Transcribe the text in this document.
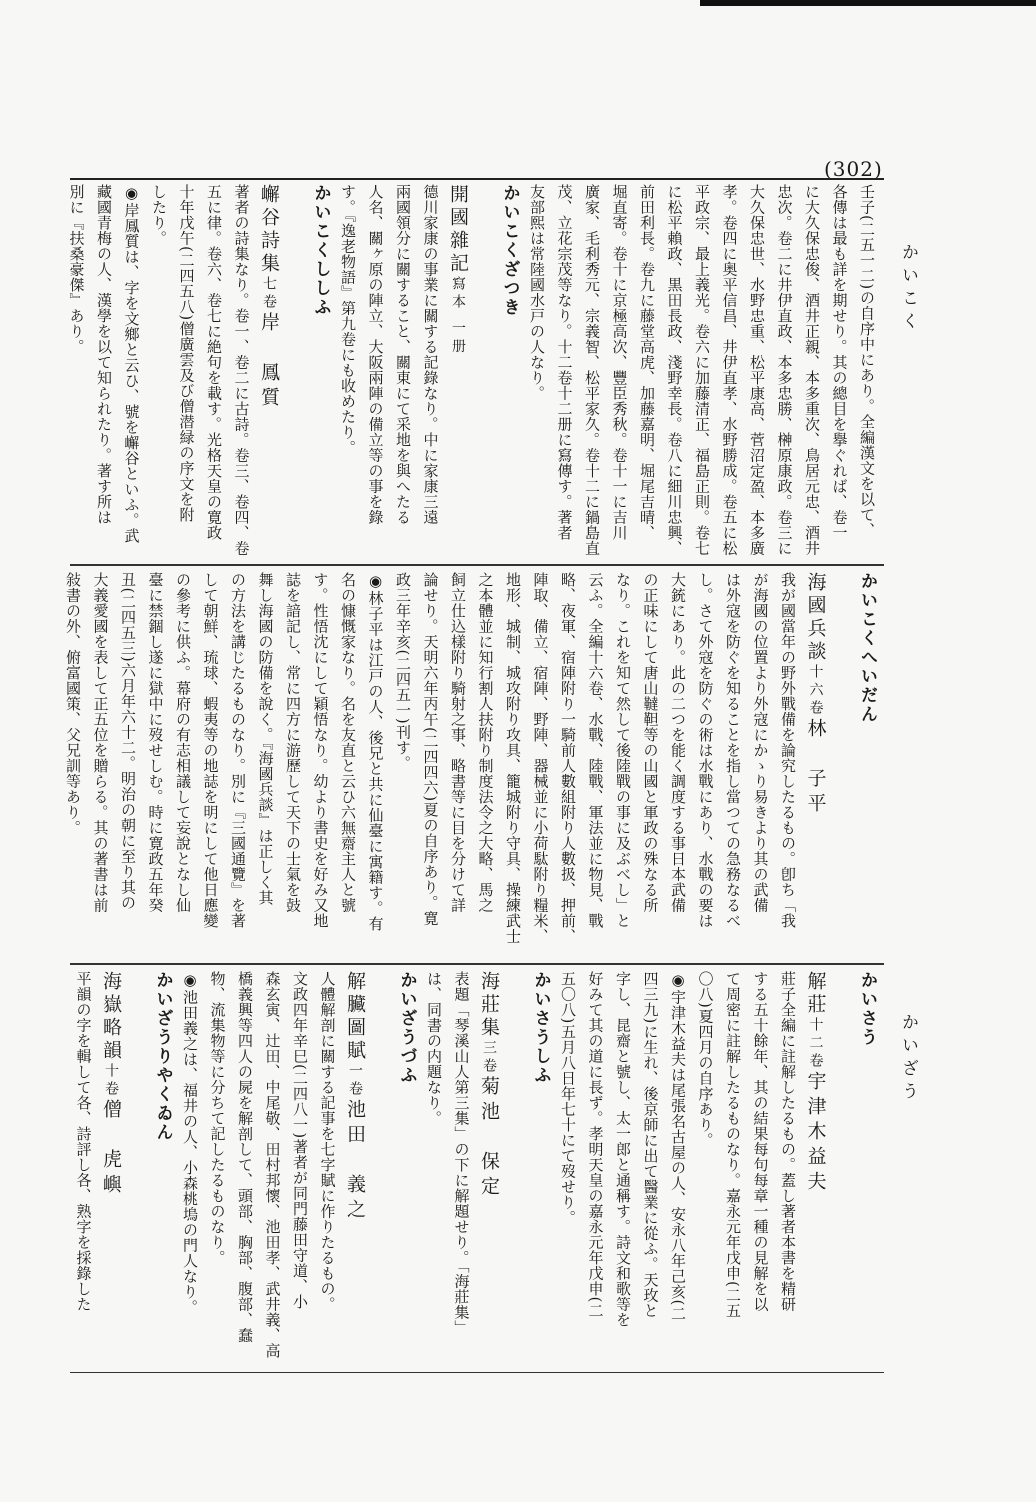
(302)
かいこく
かいざう

壬子(二五一二)の自序中にあり。全編漢文を以て、

各傳は最も詳を期せり。其の總目を擧ぐれば、卷一

に大久保忠俊、酒井正親、本多重次、鳥居元忠、酒井

忠次。卷二に井伊直政、本多忠勝、榊原康政。卷三に

大久保忠世、水野忠重、松平康高、菅沼定盈、本多廣

孝。卷四に奥平信昌、井伊直孝、水野勝成。卷五に松

平政宗、最上義光。卷六に加藤清正、福島正則。卷七

に松平賴政、黒田長政、淺野幸長。卷八に細川忠興、

前田利長。卷九に藤堂高虎、加藤嘉明、堀尾吉晴、

堀直寄。卷十に京極高次、豐臣秀秋。卷十一に吉川

廣家、毛利秀元、宗義智、松平家久。卷十二に鍋島直

茂、立花宗茂等なり。十二卷十二册に寫傳す。著者

友部熙は常陸國水戸の人なり。

かいこくざつき

開國雜記寫本 一册

德川家康の事業に關する記錄なり。中に家康三遠

兩國領分に關すること、關東にて采地を與へたる

人名、關ヶ原の陣立、大阪兩陣の備立等の事を錄

す。『逸老物語』第九卷にも收めたり。

かいこくししふ

嶰谷詩集七卷岸　鳳質

著者の詩集なり。卷一、卷二に古詩。卷三、卷四、卷

五に律。卷六、卷七に絶句を載す。光格天皇の寛政

十年戊午(二四五八)僧廣雲及び僧潜緑の序文を附

したり。

◉岸鳳質は、字を文鄉と云ひ、號を嶰谷といふ。武

藏國青梅の人、漢學を以て知られたり。著す所は

別に『扶桑豪傑』あり。

かいこくへいだん

海國兵談十六卷林　子平

我が國當年の野外戰備を論究したるもの。卽ち「我

が海國の位置より外寇にかゝり易きより其の武備

は外寇を防ぐを知ることを指し當つての急務なるべ

し。さて外寇を防ぐの術は水戰にあり、水戰の要は

大銃にあり。此の二つを能く調度する事日本武備

の正味にして唐山韃靼等の山國と軍政の殊なる所

なり。これを知て然して後陸戰の事に及ぶべし」と

云ふ。全編十六卷、水戰、陸戰、軍法並に物見、戰

略、夜軍、宿陣附り一騎前人數組附り人數扱、押前、

陣取、備立、宿陣、野陣、器械並に小荷駄附り糧米、

地形、城制、城攻附り攻具、籠城附り守具、操練武士

之本體並に知行割人扶附り制度法令之大略、馬之

飼立仕込樣附り騎射之事、略書等に目を分けて詳

論せり。天明六年丙午(二四四六)夏の自序あり。寛

政三年辛亥(二四五一)刊す。

◉林子平は江戸の人、後兄と共に仙臺に寓籍す。有

名の慷慨家なり。名を友直と云ひ六無齋主人と號

す。性悟沈にして穎悟なり。幼より書史を好み又地

誌を諳記し、常に四方に游歷して天下の士氣を鼓

舞し海國の防備を說く。『海國兵談』は正しく其

の方法を講じたるものなり。別に『三國通覽』を著

して朝鮮、琉球、蝦夷等の地誌を明にして他日應變

の參考に供ふ。幕府の有志相議して妄說となし仙

臺に禁錮し遂に獄中に歿せしむ。時に寛政五年癸

丑(二四五三)六月年六十二。明治の朝に至り其の

大義愛國を表して正五位を贈らる。其の著書は前

敍書の外、俯富國策、父兄訓等あり。

かいさう

解莊十二卷宇津木益夫

莊子全編に註解したるもの。蓋し著者本書を精研

する五十餘年、其の結果每句每章一種の見解を以

て周密に註解したるものなり。嘉永元年戊申(二五

〇八)夏四月の自序あり。

◉宇津木益夫は尾張名古屋の人、安永八年己亥(二

四三九)に生れ、後京師に出て醫業に從ふ。天玫と

字し、昆齋と號し、太一郎と通稱す。詩文和歌等を

好みて其の道に長ず。孝明天皇の嘉永元年戊申(二

五〇八)五月八日年七十にて歿せり。

かいさうしふ

海莊集三卷菊池　保定

表題「琴溪山人第三集」の下に解題せり。「海莊集」

は、同書の内題なり。

かいざうづふ

解臟圖賦一卷池田　義之

人體解剖に關する記事を七字賦に作りたるもの。

文政四年辛巳(二四八一)著者が同門藤田守道、小

森玄寅、辻田、中尾敬、田村邦懷、池田孝、武井義、高

橋義興等四人の屍を解剖して、頭部、胸部、腹部、蠢

物、流集物等に分ちて記したるものなり。

◉池田義之は、福井の人、小森桃塢の門人なり。

かいざうりやくゐん

海嶽略韻十卷僧　虎嶼

平韻の字を輯して各、詩評し各、熟字を採錄した
